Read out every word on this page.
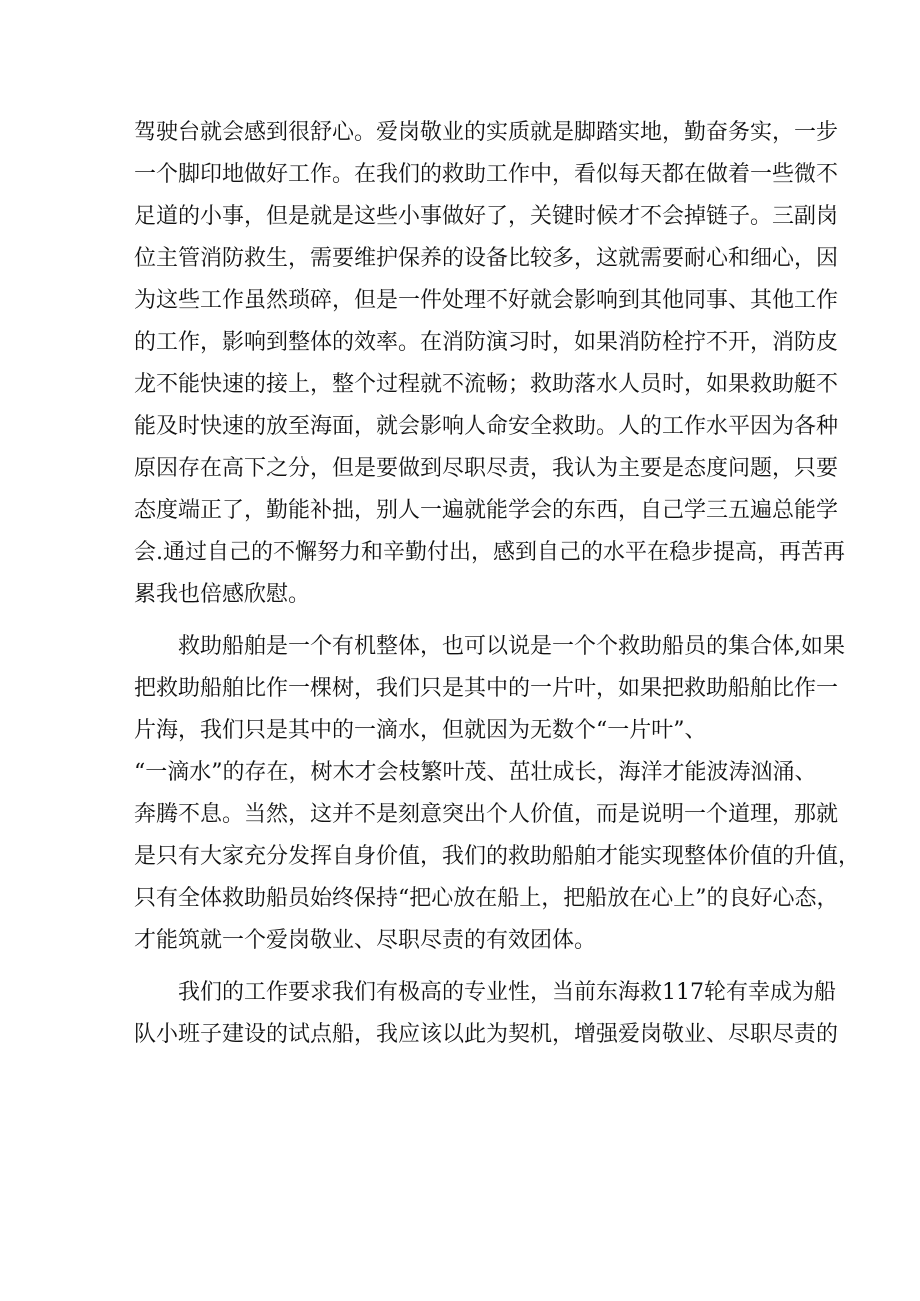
驾驶台就会感到很舒心。爱岗敬业的实质就是脚踏实地，勤奋务实，一步
一个脚印地做好工作。在我们的救助工作中，看似每天都在做着一些微不
足道的小事，但是就是这些小事做好了，关键时候才不会掉链子。三副岗
位主管消防救生，需要维护保养的设备比较多，这就需要耐心和细心，因
为这些工作虽然琐碎，但是一件处理不好就会影响到其他同事、其他工作
的工作，影响到整体的效率。在消防演习时，如果消防栓拧不开，消防皮
龙不能快速的接上，整个过程就不流畅；救助落水人员时，如果救助艇不
能及时快速的放至海面，就会影响人命安全救助。人的工作水平因为各种
原因存在高下之分，但是要做到尽职尽责，我认为主要是态度问题，只要
态度端正了，勤能补拙，别人一遍就能学会的东西，自己学三五遍总能学
会.通过自己的不懈努力和辛勤付出，感到自己的水平在稳步提高，再苦再
累我也倍感欣慰。
救助船舶是一个有机整体，也可以说是一个个救助船员的集合体,如果
把救助船舶比作一棵树，我们只是其中的一片叶，如果把救助船舶比作一
片海，我们只是其中的一滴水，但就因为无数个“一片叶”、
“一滴水”的存在，树木才会枝繁叶茂、茁壮成长，海洋才能波涛汹涌、
奔腾不息。当然，这并不是刻意突出个人价值，而是说明一个道理，那就
是只有大家充分发挥自身价值，我们的救助船舶才能实现整体价值的升值，
只有全体救助船员始终保持“把心放在船上，把船放在心上”的良好心态，
才能筑就一个爱岗敬业、尽职尽责的有效团体。
我们的工作要求我们有极高的专业性，当前东海救117轮有幸成为船
队小班子建设的试点船，我应该以此为契机，增强爱岗敬业、尽职尽责的
